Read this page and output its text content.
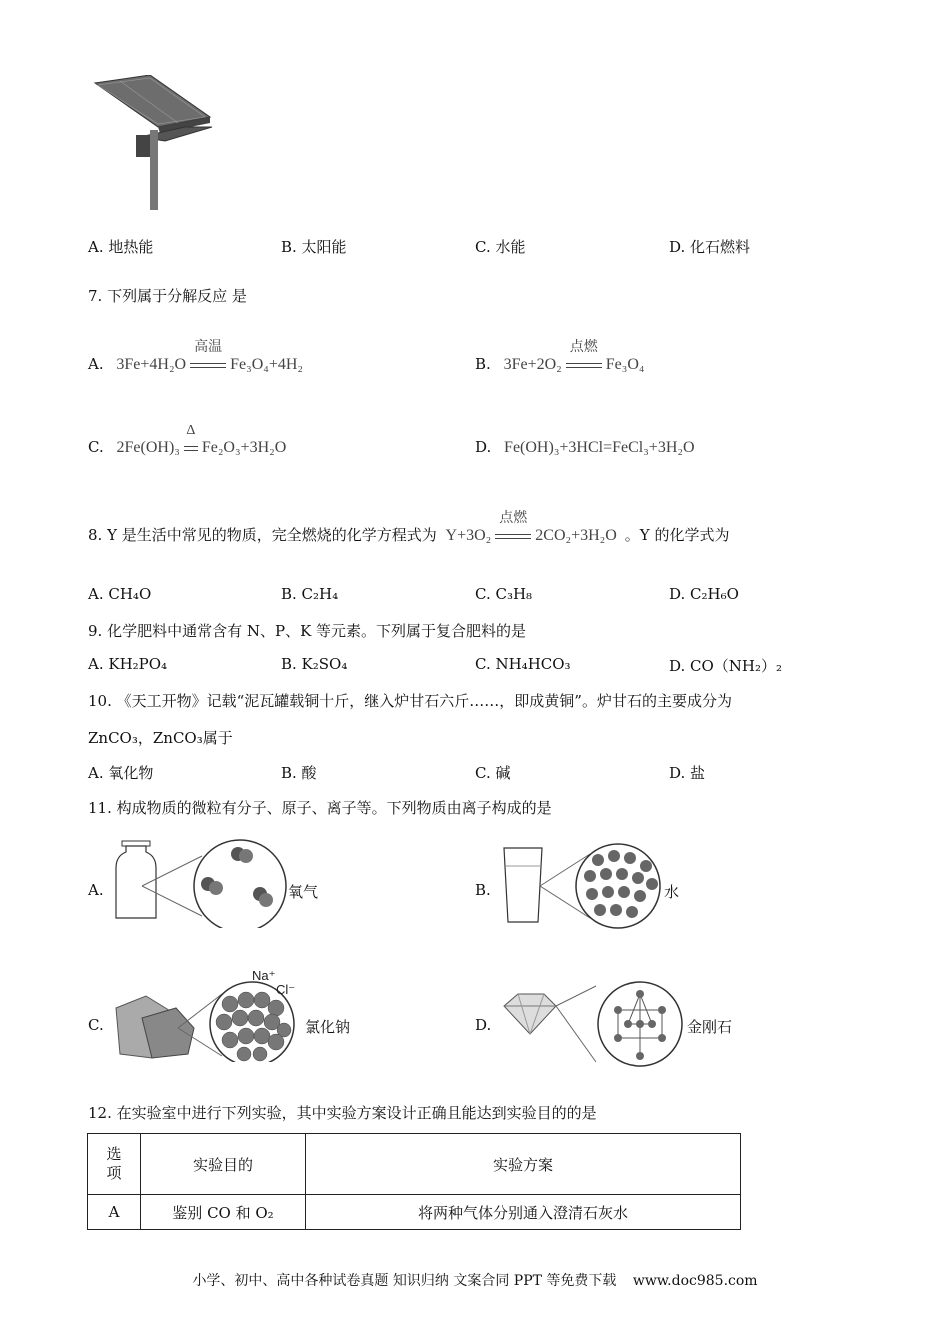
A. 地热能	B. 太阳能	C. 水能	D. 化石燃料
7. 下列属于分解反应 是
A. 3Fe+4H₂O
高温
Fe₃O₄+4H₂	B. 3Fe+2O₂
点燃
Fe₃O₄
C. 2Fe(OH)₃
Δ
Fe₂O₃+3H₂O	D. Fe(OH)₃+3HCl=FeCl₃+3H₂O
8. Y 是生活中常见的物质，完全燃烧的化学方程式为 Y+3O₂
点燃
2CO₂+3H₂O 。Y 的化学式为
A. CH₄O	B. C₂H₄	C. C₃H₈	D. C₂H₆O
9. 化学肥料中通常含有 N、P、K 等元素。下列属于复合肥料的是
A. KH₂PO₄	B. K₂SO₄	C. NH₄HCO₃	D. CO（NH₂）₂
10. 《天工开物》记载“泥瓦罐载铜十斤，继入炉甘石六斤……，即成黄铜”。炉甘石的主要成分为
ZnCO₃，ZnCO₃属于
A. 氧化物	B. 酸	C. 碱	D. 盐
11. 构成物质的微粒有分子、原子、离子等。下列物质由离子构成的是
A.	氧气	B.	水
C.
Na⁺
Cl⁻
氯化钠	D.	金刚石
12. 在实验室中进行下列实验，其中实验方案设计正确且能达到实验目的的是
选项	实验目的	实验方案
A	鉴别 CO 和 O₂	将两种气体分别通入澄清石灰水
小学、初中、高中各种试卷真题 知识归纳 文案合同 PPT 等免费下载 www.doc985.com
